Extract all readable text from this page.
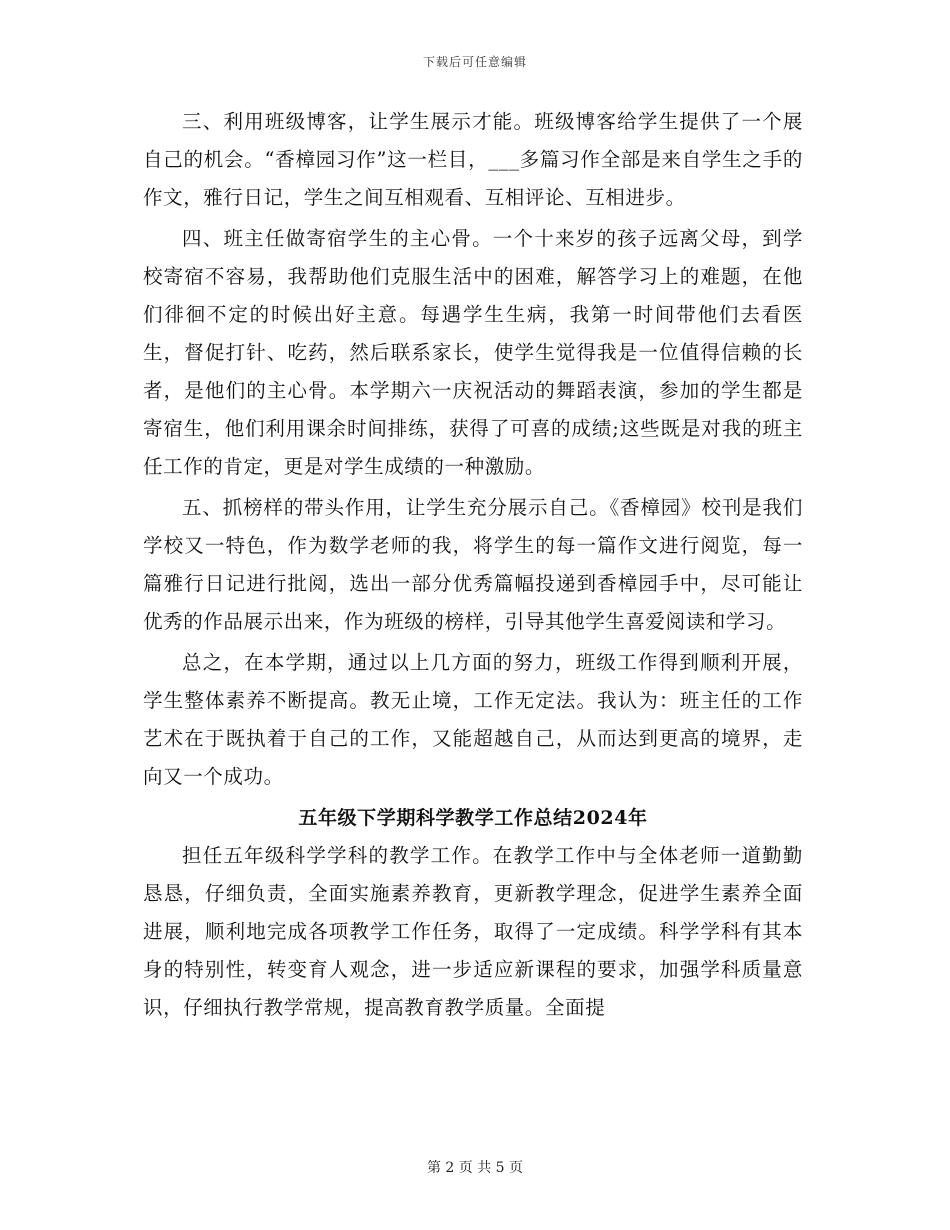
下载后可任意编辑

三、利用班级博客，让学生展示才能。班级博客给学生提供了一个展自己的机会。“香樟园习作”这一栏目，___多篇习作全部是来自学生之手的作文，雅行日记，学生之间互相观看、互相评论、互相进步。

四、班主任做寄宿学生的主心骨。一个十来岁的孩子远离父母，到学校寄宿不容易，我帮助他们克服生活中的困难，解答学习上的难题，在他们徘徊不定的时候出好主意。每遇学生生病，我第一时间带他们去看医生，督促打针、吃药，然后联系家长，使学生觉得我是一位值得信赖的长者，是他们的主心骨。本学期六一庆祝活动的舞蹈表演，参加的学生都是寄宿生，他们利用课余时间排练，获得了可喜的成绩;这些既是对我的班主任工作的肯定，更是对学生成绩的一种激励。

五、抓榜样的带头作用，让学生充分展示自己。《香樟园》校刊是我们学校又一特色，作为数学老师的我，将学生的每一篇作文进行阅览，每一篇雅行日记进行批阅，选出一部分优秀篇幅投递到香樟园手中，尽可能让优秀的作品展示出来，作为班级的榜样，引导其他学生喜爱阅读和学习。

总之，在本学期，通过以上几方面的努力，班级工作得到顺利开展，学生整体素养不断提高。教无止境，工作无定法。我认为：班主任的工作艺术在于既执着于自己的工作，又能超越自己，从而达到更高的境界，走向又一个成功。

五年级下学期科学教学工作总结2024年

担任五年级科学学科的教学工作。在教学工作中与全体老师一道勤勤恳恳，仔细负责，全面实施素养教育，更新教学理念，促进学生素养全面进展，顺利地完成各项教学工作任务，取得了一定成绩。科学学科有其本身的特别性，转变育人观念，进一步适应新课程的要求，加强学科质量意识，仔细执行教学常规，提高教育教学质量。全面提

第 2 页 共 5 页
